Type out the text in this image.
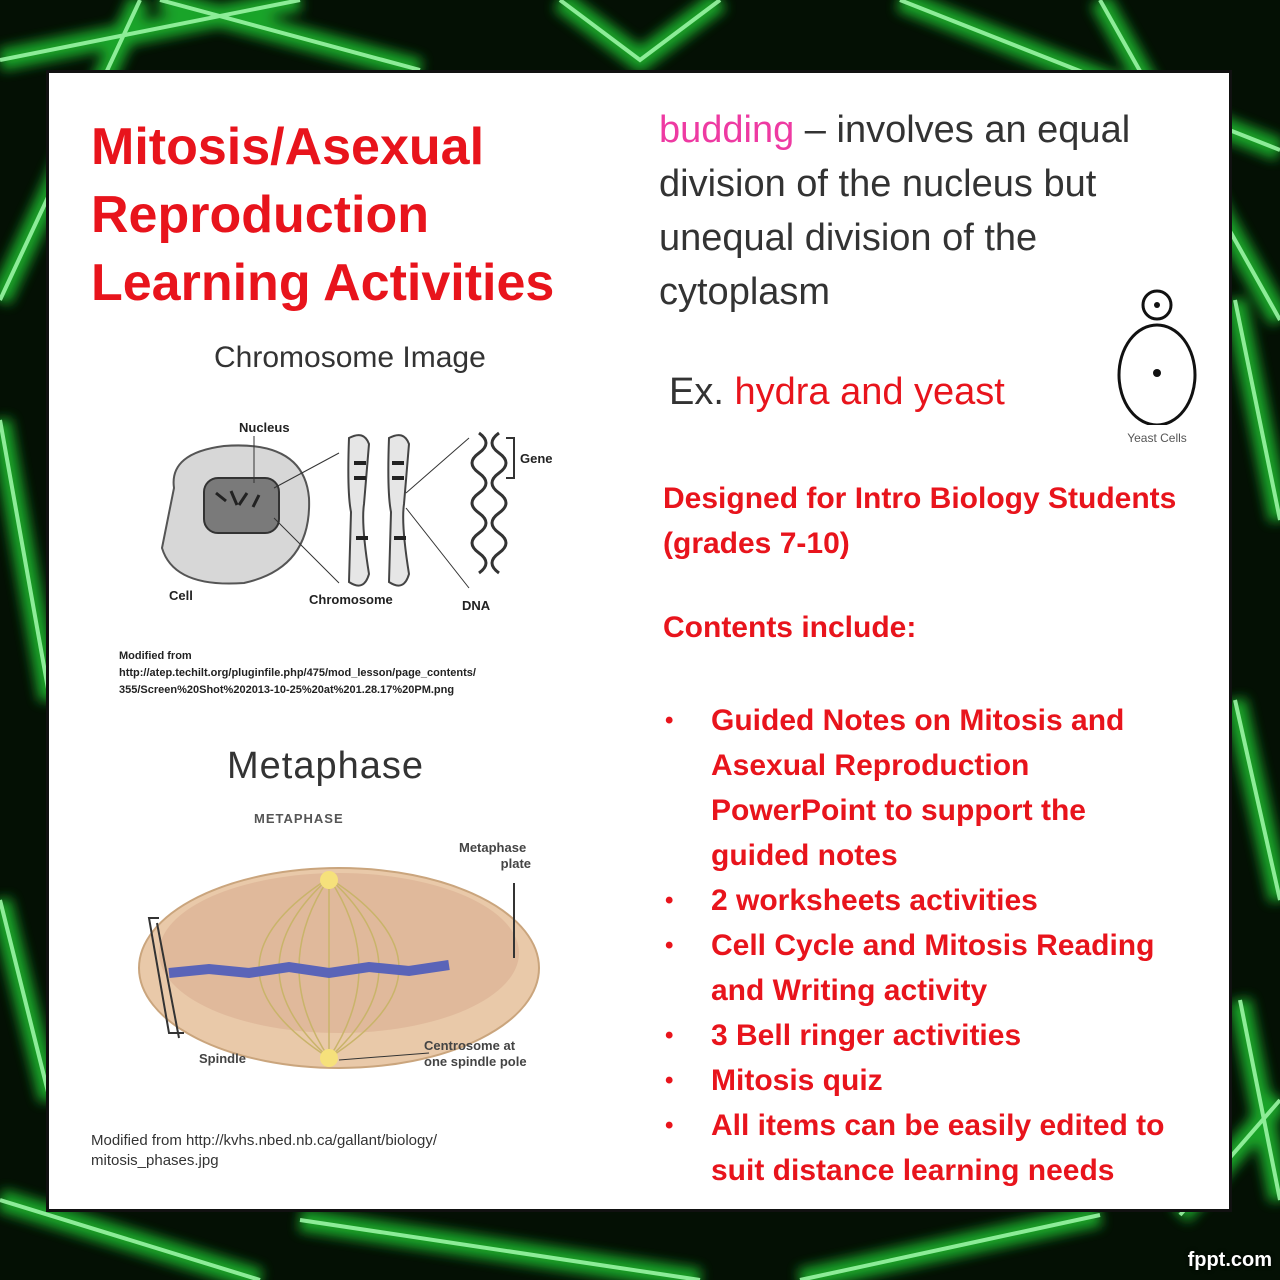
Mitosis/Asexual
Reproduction
Learning Activities
Chromosome Image
Nucleus
Gene
Cell	Chromosome	DNA
Modified from
http://atep.techilt.org/pluginfile.php/475/mod_lesson/page_contents/
355/Screen%20Shot%202013-10-25%20at%201.28.17%20PM.png
Metaphase
METAPHASE
Spindle
Metaphase
plate
Centrosome at
one spindle pole
Modified from http://kvhs.nbed.nb.ca/gallant/biology/
mitosis_phases.jpg

budding – involves an equal division of the nucleus but unequal division of the cytoplasm

Ex. hydra and yeast
Yeast Cells

Designed for Intro Biology Students
(grades 7-10)

Contents include:

• Guided Notes on Mitosis and
Asexual Reproduction
PowerPoint to support the
guided notes
• 2 worksheets activities
• Cell Cycle and Mitosis Reading
and Writing activity
• 3 Bell ringer activities
• Mitosis quiz
• All items can be easily edited to
suit distance learning needs
fppt.com
